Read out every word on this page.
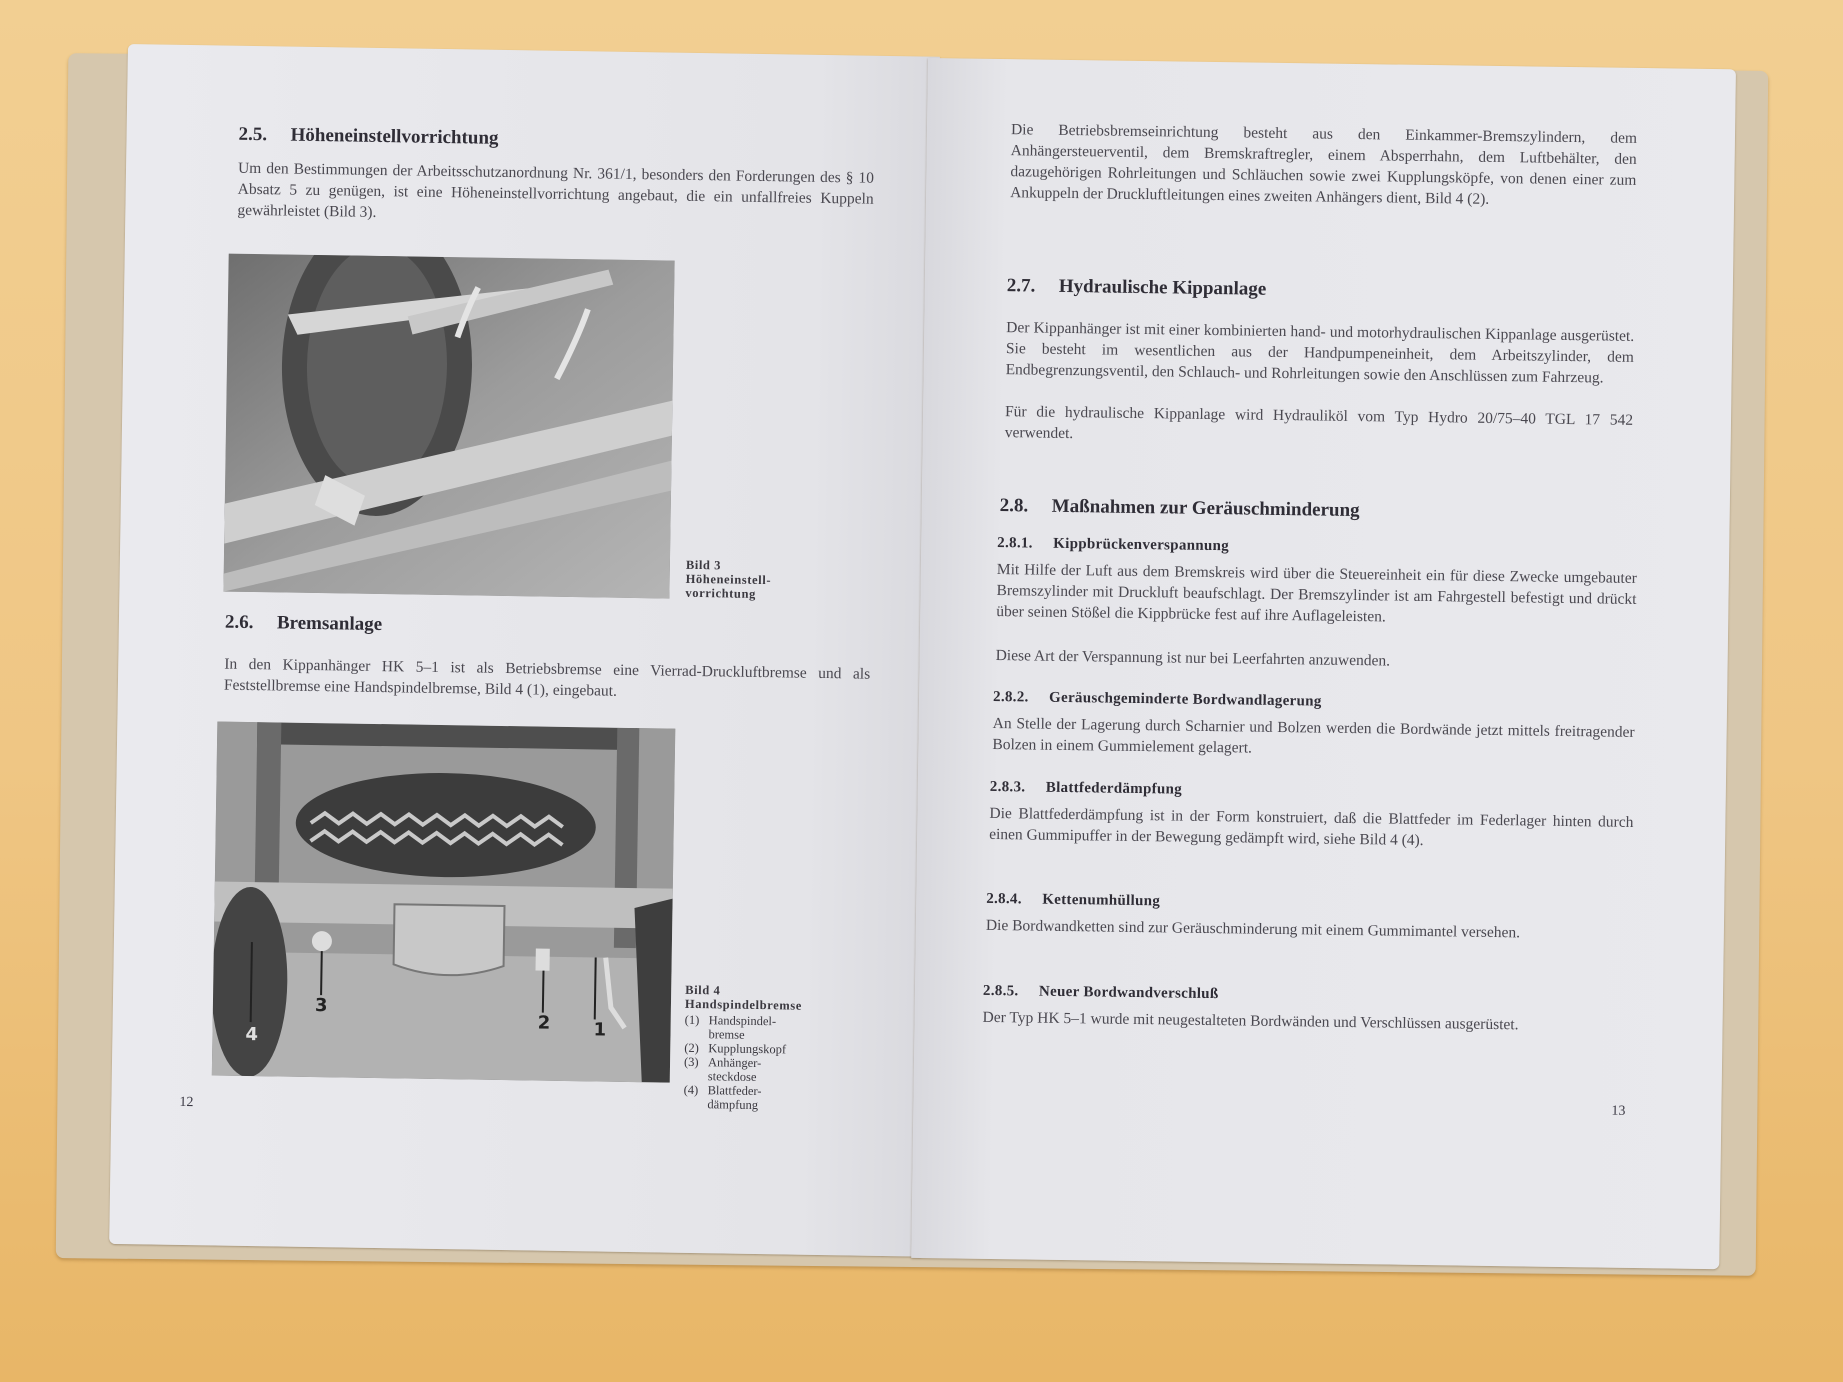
2.5. Höheneinstellvorrichtung
Um den Bestimmungen der Arbeitsschutzanordnung Nr. 361/1, besonders den Forderungen des § 10 Absatz 5 zu genügen, ist eine Höheneinstellvorrichtung angebaut, die ein unfallfreies Kuppeln gewährleistet (Bild 3).
Bild 3
Höheneinstell-
vorrichtung
2.6. Bremsanlage
In den Kippanhänger HK 5–1 ist als Betriebsbremse eine Vierrad-Druckluftbremse und als Feststellbremse eine Handspindelbremse, Bild 4 (1), eingebaut.
1
2
3
4
Bild 4
Handspindelbremse
(1) Handspindel- bremse
(2) Kupplungskopf
(3) Anhänger- steckdose
(4) Blattfeder- dämpfung
12
Die Betriebsbremseinrichtung besteht aus den Einkammer-Bremszylindern, dem Anhängersteuerventil, dem Bremskraftregler, einem Absperrhahn, dem Luftbehälter, den dazugehörigen Rohrleitungen und Schläuchen sowie zwei Kupplungsköpfe, von denen einer zum Ankuppeln der Druckluftleitungen eines zweiten Anhängers dient, Bild 4 (2).
2.7. Hydraulische Kippanlage
Der Kippanhänger ist mit einer kombinierten hand- und motorhydraulischen Kippanlage ausgerüstet. Sie besteht im wesentlichen aus der Handpumpeneinheit, dem Arbeitszylinder, dem Endbegrenzungsventil, den Schlauch- und Rohrleitungen sowie den Anschlüssen zum Fahrzeug.
Für die hydraulische Kippanlage wird Hydrauliköl vom Typ Hydro 20/75–40 TGL 17 542 verwendet.
2.8. Maßnahmen zur Geräuschminderung
2.8.1. Kippbrückenverspannung
Mit Hilfe der Luft aus dem Bremskreis wird über die Steuereinheit ein für diese Zwecke umgebauter Bremszylinder mit Druckluft beaufschlagt. Der Bremszylinder ist am Fahrgestell befestigt und drückt über seinen Stößel die Kippbrücke fest auf ihre Auflageleisten.
Diese Art der Verspannung ist nur bei Leerfahrten anzuwenden.
2.8.2. Geräuschgeminderte Bordwandlagerung
An Stelle der Lagerung durch Scharnier und Bolzen werden die Bordwände jetzt mittels freitragender Bolzen in einem Gummielement gelagert.
2.8.3. Blattfederdämpfung
Die Blattfederdämpfung ist in der Form konstruiert, daß die Blattfeder im Federlager hinten durch einen Gummipuffer in der Bewegung gedämpft wird, siehe Bild 4 (4).
2.8.4. Kettenumhüllung
Die Bordwandketten sind zur Geräuschminderung mit einem Gummimantel versehen.
2.8.5. Neuer Bordwandverschluß
Der Typ HK 5–1 wurde mit neugestalteten Bordwänden und Verschlüssen ausgerüstet.
13
